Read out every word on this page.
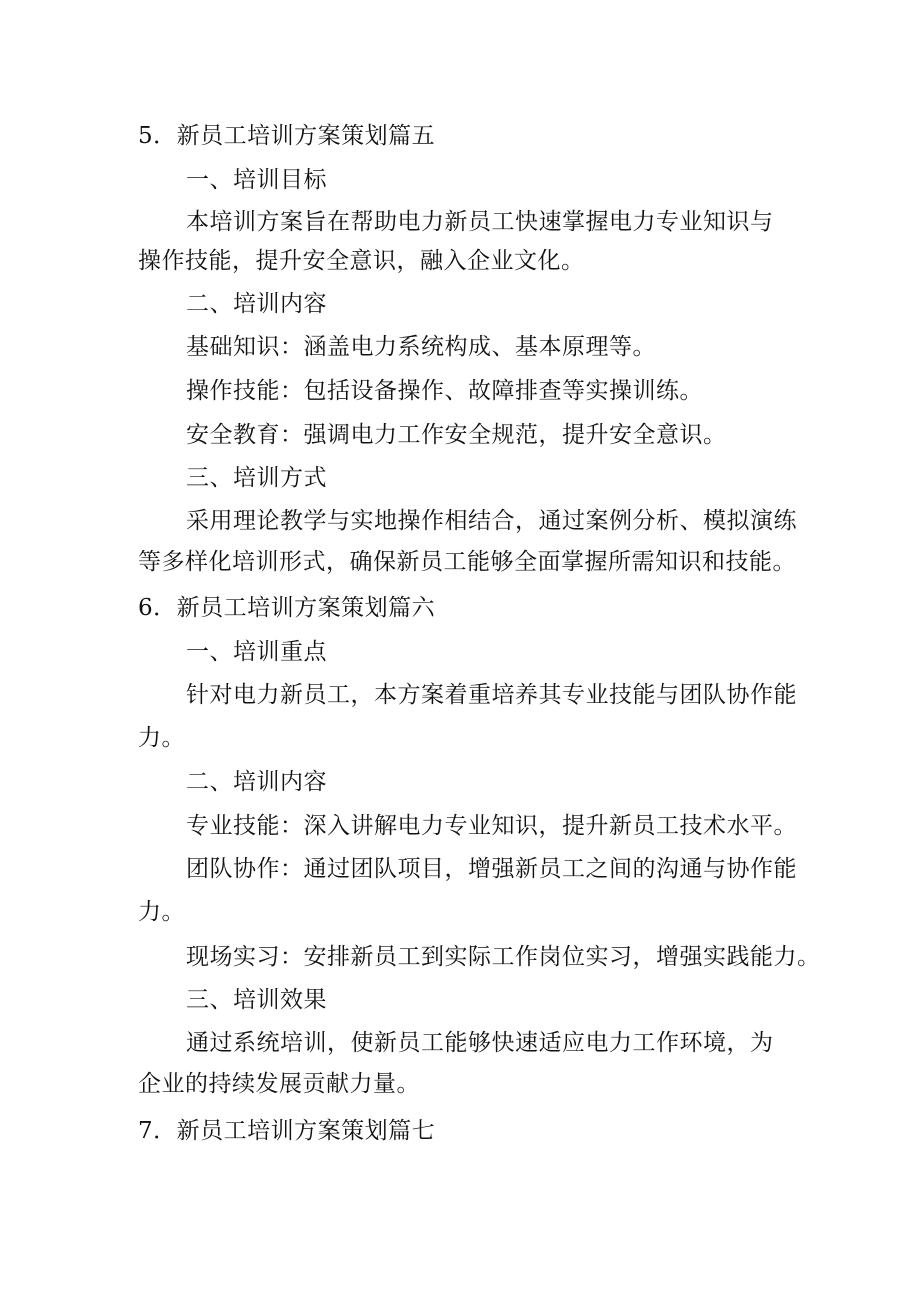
5．新员工培训方案策划篇五
一、培训目标
本培训方案旨在帮助电力新员工快速掌握电力专业知识与
操作技能，提升安全意识，融入企业文化。
二、培训内容
基础知识：涵盖电力系统构成、基本原理等。
操作技能：包括设备操作、故障排查等实操训练。
安全教育：强调电力工作安全规范，提升安全意识。
三、培训方式
采用理论教学与实地操作相结合，通过案例分析、模拟演练
等多样化培训形式，确保新员工能够全面掌握所需知识和技能。
6．新员工培训方案策划篇六
一、培训重点
针对电力新员工，本方案着重培养其专业技能与团队协作能
力。
二、培训内容
专业技能：深入讲解电力专业知识，提升新员工技术水平。
团队协作：通过团队项目，增强新员工之间的沟通与协作能
力。
现场实习：安排新员工到实际工作岗位实习，增强实践能力。
三、培训效果
通过系统培训，使新员工能够快速适应电力工作环境，为
企业的持续发展贡献力量。
7．新员工培训方案策划篇七
